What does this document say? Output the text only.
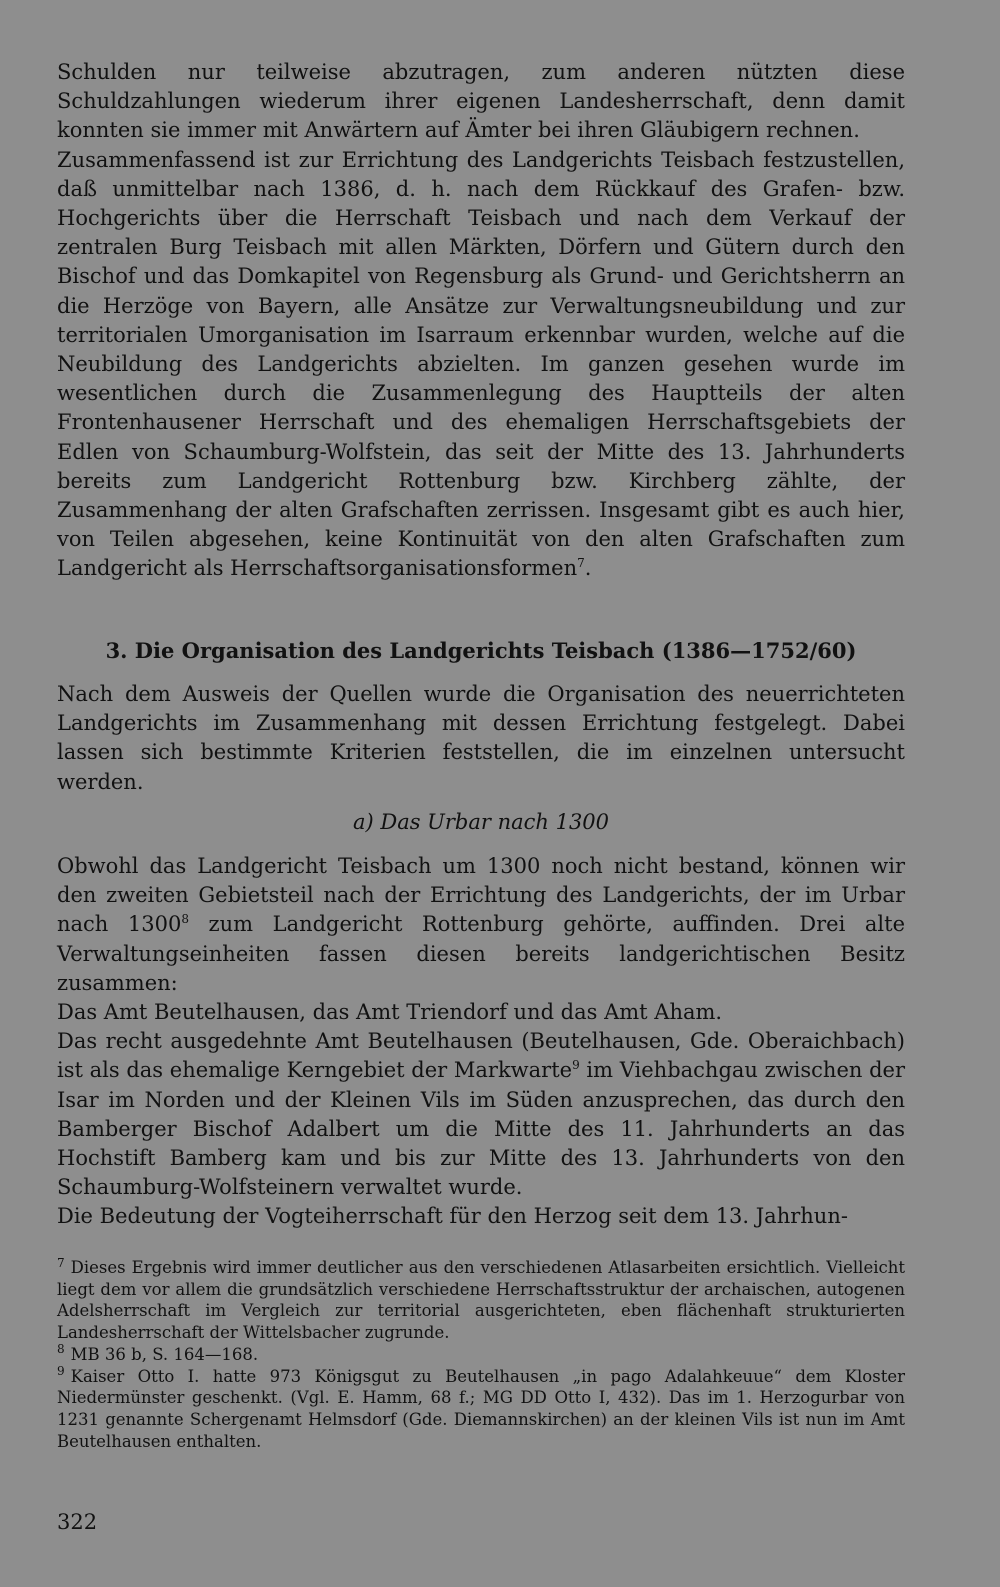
Schulden nur teilweise abzutragen, zum anderen nützten diese Schuldzahlungen wiederum ihrer eigenen Landesherrschaft, denn damit konnten sie immer mit Anwärtern auf Ämter bei ihren Gläubigern rechnen.

Zusammenfassend ist zur Errichtung des Landgerichts Teisbach festzustellen, daß unmittelbar nach 1386, d. h. nach dem Rückkauf des Grafen- bzw. Hochgerichts über die Herrschaft Teisbach und nach dem Verkauf der zentralen Burg Teisbach mit allen Märkten, Dörfern und Gütern durch den Bischof und das Domkapitel von Regensburg als Grund- und Gerichtsherrn an die Herzöge von Bayern, alle Ansätze zur Verwaltungsneubildung und zur territorialen Umorganisation im Isarraum erkennbar wurden, welche auf die Neubildung des Landgerichts abzielten. Im ganzen gesehen wurde im wesentlichen durch die Zusammenlegung des Hauptteils der alten Frontenhausener Herrschaft und des ehemaligen Herrschaftsgebiets der Edlen von Schaumburg-Wolfstein, das seit der Mitte des 13. Jahrhunderts bereits zum Landgericht Rottenburg bzw. Kirchberg zählte, der Zusammenhang der alten Grafschaften zerrissen. Insgesamt gibt es auch hier, von Teilen abgesehen, keine Kontinuität von den alten Grafschaften zum Landgericht als Herrschaftsorganisationsformen$^7$.

3. Die Organisation des Landgerichts Teisbach (1386—1752/60)

Nach dem Ausweis der Quellen wurde die Organisation des neuerrichteten Landgerichts im Zusammenhang mit dessen Errichtung festgelegt. Dabei lassen sich bestimmte Kriterien feststellen, die im einzelnen untersucht werden.

a) Das Urbar nach 1300

Obwohl das Landgericht Teisbach um 1300 noch nicht bestand, können wir den zweiten Gebietsteil nach der Errichtung des Landgerichts, der im Urbar nach 1300$^8$ zum Landgericht Rottenburg gehörte, auffinden. Drei alte Verwaltungseinheiten fassen diesen bereits landgerichtischen Besitz zusammen:

Das Amt Beutelhausen, das Amt Triendorf und das Amt Aham.

Das recht ausgedehnte Amt Beutelhausen (Beutelhausen, Gde. Oberaichbach) ist als das ehemalige Kerngebiet der Markwarte$^9$ im Viehbachgau zwischen der Isar im Norden und der Kleinen Vils im Süden anzusprechen, das durch den Bamberger Bischof Adalbert um die Mitte des 11. Jahrhunderts an das Hochstift Bamberg kam und bis zur Mitte des 13. Jahrhunderts von den Schaumburg-Wolfsteinern verwaltet wurde.

Die Bedeutung der Vogteiherrschaft für den Herzog seit dem 13. Jahrhun-

$^7$ Dieses Ergebnis wird immer deutlicher aus den verschiedenen Atlasarbeiten ersichtlich. Vielleicht liegt dem vor allem die grundsätzlich verschiedene Herrschaftsstruktur der archaischen, autogenen Adelsherrschaft im Vergleich zur territorial ausgerichteten, eben flächenhaft strukturierten Landesherrschaft der Wittelsbacher zugrunde.

$^8$ MB 36 b, S. 164—168.

$^9$ Kaiser Otto I. hatte 973 Königsgut zu Beutelhausen „in pago Adalahkeuue“ dem Kloster Niedermünster geschenkt. (Vgl. E. Hamm, 68 f.; MG DD Otto I, 432). Das im 1. Herzogurbar von 1231 genannte Schergenamt Helmsdorf (Gde. Diemannskirchen) an der kleinen Vils ist nun im Amt Beutelhausen enthalten.

322
